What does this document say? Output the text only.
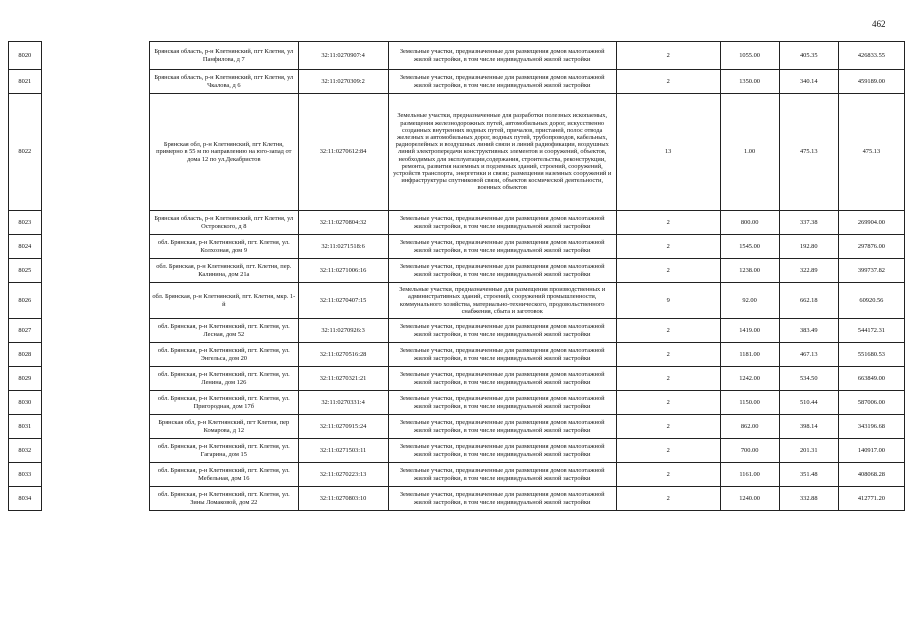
462
8020		Брянская область, р-н Клетнянский, пгт Клетня, ул Панфилова, д 7	32:11:0270907:4	Земельные участки, предназначенные для размещения домов малоэтажной жилой застройки, в том числе индивидуальной жилой застройки	2	1055.00	405.35	426833.55
8021		Брянская область, р-н Клетнянский, пгт Клетня, ул Чкалова, д 6	32:11:0270309:2	Земельные участки, предназначенные для размещения домов малоэтажной жилой застройки, в том числе индивидуальной жилой застройки	2	1350.00	340.14	459189.00
8022		Брянская обл, р-н Клетнянский, пгт Клетня, примерно в 55 м по направлению на юго-запад от дома 12 по ул.Декабристов	32:11:0270612:84	Земельные участки, предназначенные для разработки полезных ископаемых, размещения железнодорожных путей, автомобильных дорог, искусственно созданных внутренних водных путей, причалов, пристаней, полос отвода железных и автомобильных дорог, водных путей, трубопроводов, кабельных, радиорелейных и воздушных линий связи и линий радиофикации, воздушных линий электропередачи конструктивных элементов и сооружений, объектов, необходимых для эксплуатации,содержания, строительства, реконструкции, ремонта, развития наземных и подземных зданий, строений, сооружений, устройств транспорта, энергетики и связи; размещения наземных сооружений и инфраструктуры спутниковой связи, объектов космической деятельности, военных объектов	13	1.00	475.13	475.13
8023		Брянская область, р-н Клетнянский, пгт Клетня, ул Островского, д 8	32:11:0270804:32	Земельные участки, предназначенные для размещения домов малоэтажной жилой застройки, в том числе индивидуальной жилой застройки	2	800.00	337.38	269904.00
8024		обл. Брянская, р-н Клетнянский, пгт. Клетня, ул. Колхозная, дом 9	32:11:0271518:6	Земельные участки, предназначенные для размещения домов малоэтажной жилой застройки, в том числе индивидуальной жилой застройки	2	1545.00	192.80	297876.00
8025		обл. Брянская, р-н Клетнянский, пгт. Клетня, пер. Калинина, дом 21а	32:11:0271006:16	Земельные участки, предназначенные для размещения домов малоэтажной жилой застройки, в том числе индивидуальной жилой застройки	2	1238.00	322.89	399737.82
8026		обл. Брянская, р-н Клетнянский, пгт. Клетня, мкр. 1-й	32:11:0270407:15	Земельные участки, предназначенные для размещения производственных и административных зданий, строений, сооружений промышленности, коммунального хозяйства, материально-технического, продовольственного снабжения, сбыта и заготовок	9	92.00	662.18	60920.56
8027		обл. Брянская, р-н Клетнянский, пгт. Клетня, ул. Лесная, дом 52	32:11:0270926:3	Земельные участки, предназначенные для размещения домов малоэтажной жилой застройки, в том числе индивидуальной жилой застройки	2	1419.00	383.49	544172.31
8028		обл. Брянская, р-н Клетнянский, пгт. Клетня, ул. Энгельса, дом 20	32:11:0270516:28	Земельные участки, предназначенные для размещения домов малоэтажной жилой застройки, в том числе индивидуальной жилой застройки	2	1181.00	467.13	551680.53
8029		обл. Брянская, р-н Клетнянский, пгт. Клетня, ул. Ленина, дом 126	32:11:0270321:21	Земельные участки, предназначенные для размещения домов малоэтажной жилой застройки, в том числе индивидуальной жилой застройки	2	1242.00	534.50	663849.00
8030		обл. Брянская, р-н Клетнянский, пгт. Клетня, ул. Пригородная, дом 17б	32:11:0270331:4	Земельные участки, предназначенные для размещения домов малоэтажной жилой застройки, в том числе индивидуальной жилой застройки	2	1150.00	510.44	587006.00
8031		Брянская обл, р-н Клетнянский, пгт Клетня, пер Комарова, д 12	32:11:0270915:24	Земельные участки, предназначенные для размещения домов малоэтажной жилой застройки, в том числе индивидуальной жилой застройки	2	862.00	398.14	343196.68
8032		обл. Брянская, р-н Клетнянский, пгт. Клетня, ул. Гагарина, дом 15	32:11:0271503:11	Земельные участки, предназначенные для размещения домов малоэтажной жилой застройки, в том числе индивидуальной жилой застройки	2	700.00	201.31	140917.00
8033		обл. Брянская, р-н Клетнянский, пгт. Клетня, ул. Мебельная, дом 16	32:11:0270223:13	Земельные участки, предназначенные для размещения домов малоэтажной жилой застройки, в том числе индивидуальной жилой застройки	2	1161.00	351.48	408068.28
8034		обл. Брянская, р-н Клетнянский, пгт. Клетня, ул. Зины Ломаковой, дом 22	32:11:0270803:10	Земельные участки, предназначенные для размещения домов малоэтажной жилой застройки, в том числе индивидуальной жилой застройки	2	1240.00	332.88	412771.20
